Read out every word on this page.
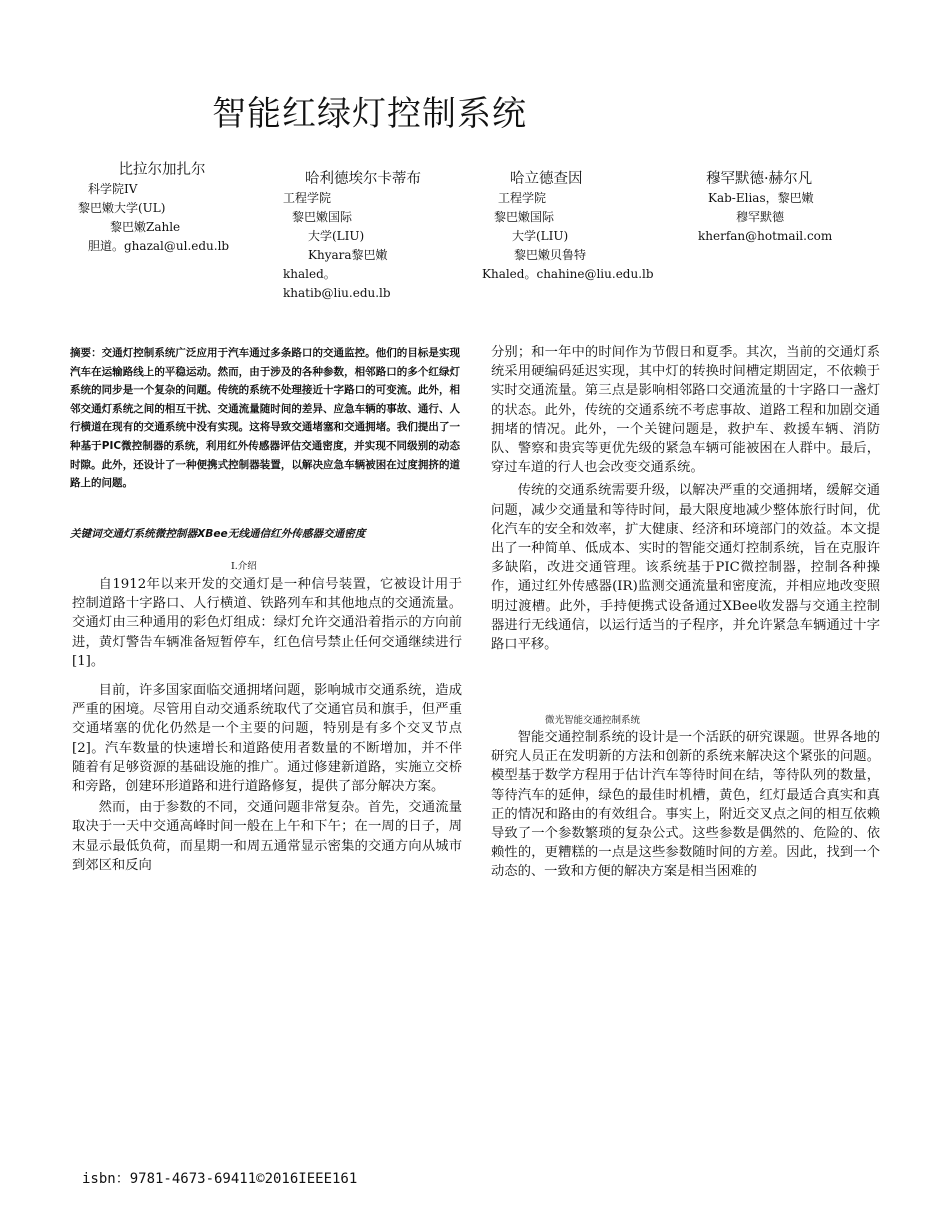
智能红绿灯控制系统
比拉尔加扎尔
科学院IV
黎巴嫩大学(UL)
黎巴嫩Zahle
胆道。ghazal@ul.edu.lb
哈利德埃尔卡蒂布
工程学院
黎巴嫩国际
大学(LIU)
Khyara黎巴嫩
khaled。
khatib@liu.edu.lb
哈立德查因
工程学院
黎巴嫩国际
大学(LIU)
黎巴嫩贝鲁特
Khaled。chahine@liu.edu.lb
穆罕默德·赫尔凡
Kab-Elias，黎巴嫩
穆罕默德
kherfan@hotmail.com
摘要：交通灯控制系统广泛应用于汽车通过多条路口的交通监控。他们的目标是实现汽车在运输路线上的平稳运动。然而，由于涉及的各种参数，相邻路口的多个红绿灯系统的同步是一个复杂的问题。传统的系统不处理接近十字路口的可变流。此外，相邻交通灯系统之间的相互干扰、交通流量随时间的差异、应急车辆的事故、通行、人行横道在现有的交通系统中没有实现。这将导致交通堵塞和交通拥堵。我们提出了一种基于PIC微控制器的系统，利用红外传感器评估交通密度，并实现不同级别的动态时隙。此外，还设计了一种便携式控制器装置，以解决应急车辆被困在过度拥挤的道路上的问题。
关键词交通灯系统微控制器XBee无线通信红外传感器交通密度
I.介绍

自1912年以来开发的交通灯是一种信号装置，它被设计用于控制道路十字路口、人行横道、铁路列车和其他地点的交通流量。交通灯由三种通用的彩色灯组成：绿灯允许交通沿着指示的方向前进，黄灯警告车辆准备短暂停车，红色信号禁止任何交通继续进行[1]。

目前，许多国家面临交通拥堵问题，影响城市交通系统，造成严重的困境。尽管用自动交通系统取代了交通官员和旗手，但严重交通堵塞的优化仍然是一个主要的问题，特别是有多个交叉节点[2]。汽车数量的快速增长和道路使用者数量的不断增加，并不伴随着有足够资源的基础设施的推广。通过修建新道路，实施立交桥和旁路，创建环形道路和进行道路修复，提供了部分解决方案。

然而，由于参数的不同，交通问题非常复杂。首先，交通流量取决于一天中交通高峰时间一般在上午和下午；在一周的日子，周末显示最低负荷，而星期一和周五通常显示密集的交通方向从城市到郊区和反向

分别；和一年中的时间作为节假日和夏季。其次，当前的交通灯系统采用硬编码延迟实现，其中灯的转换时间槽定期固定，不依赖于实时交通流量。第三点是影响相邻路口交通流量的十字路口一盏灯的状态。此外，传统的交通系统不考虑事故、道路工程和加剧交通拥堵的情况。此外，一个关键问题是，救护车、救援车辆、消防队、警察和贵宾等更优先级的紧急车辆可能被困在人群中。最后，穿过车道的行人也会改变交通系统。

传统的交通系统需要升级，以解决严重的交通拥堵，缓解交通问题，减少交通量和等待时间，最大限度地减少整体旅行时间，优化汽车的安全和效率，扩大健康、经济和环境部门的效益。本文提出了一种简单、低成本、实时的智能交通灯控制系统，旨在克服许多缺陷，改进交通管理。该系统基于PIC微控制器，控制各种操作，通过红外传感器(IR)监测交通流量和密度流，并相应地改变照明过渡槽。此外，手持便携式设备通过XBee收发器与交通主控制器进行无线通信，以运行适当的子程序，并允许紧急车辆通过十字路口平移。

微光智能交通控制系统

智能交通控制系统的设计是一个活跃的研究课题。世界各地的研究人员正在发明新的方法和创新的系统来解决这个紧张的问题。模型基于数学方程用于估计汽车等待时间在结，等待队列的数量，等待汽车的延伸，绿色的最佳时机槽，黄色，红灯最适合真实和真正的情况和路由的有效组合。事实上，附近交叉点之间的相互依赖导致了一个参数繁琐的复杂公式。这些参数是偶然的、危险的、依赖性的，更糟糕的一点是这些参数随时间的方差。因此，找到一个动态的、一致和方便的解决方案是相当困难的

isbn：9781-4673-69411©2016IEEE161
